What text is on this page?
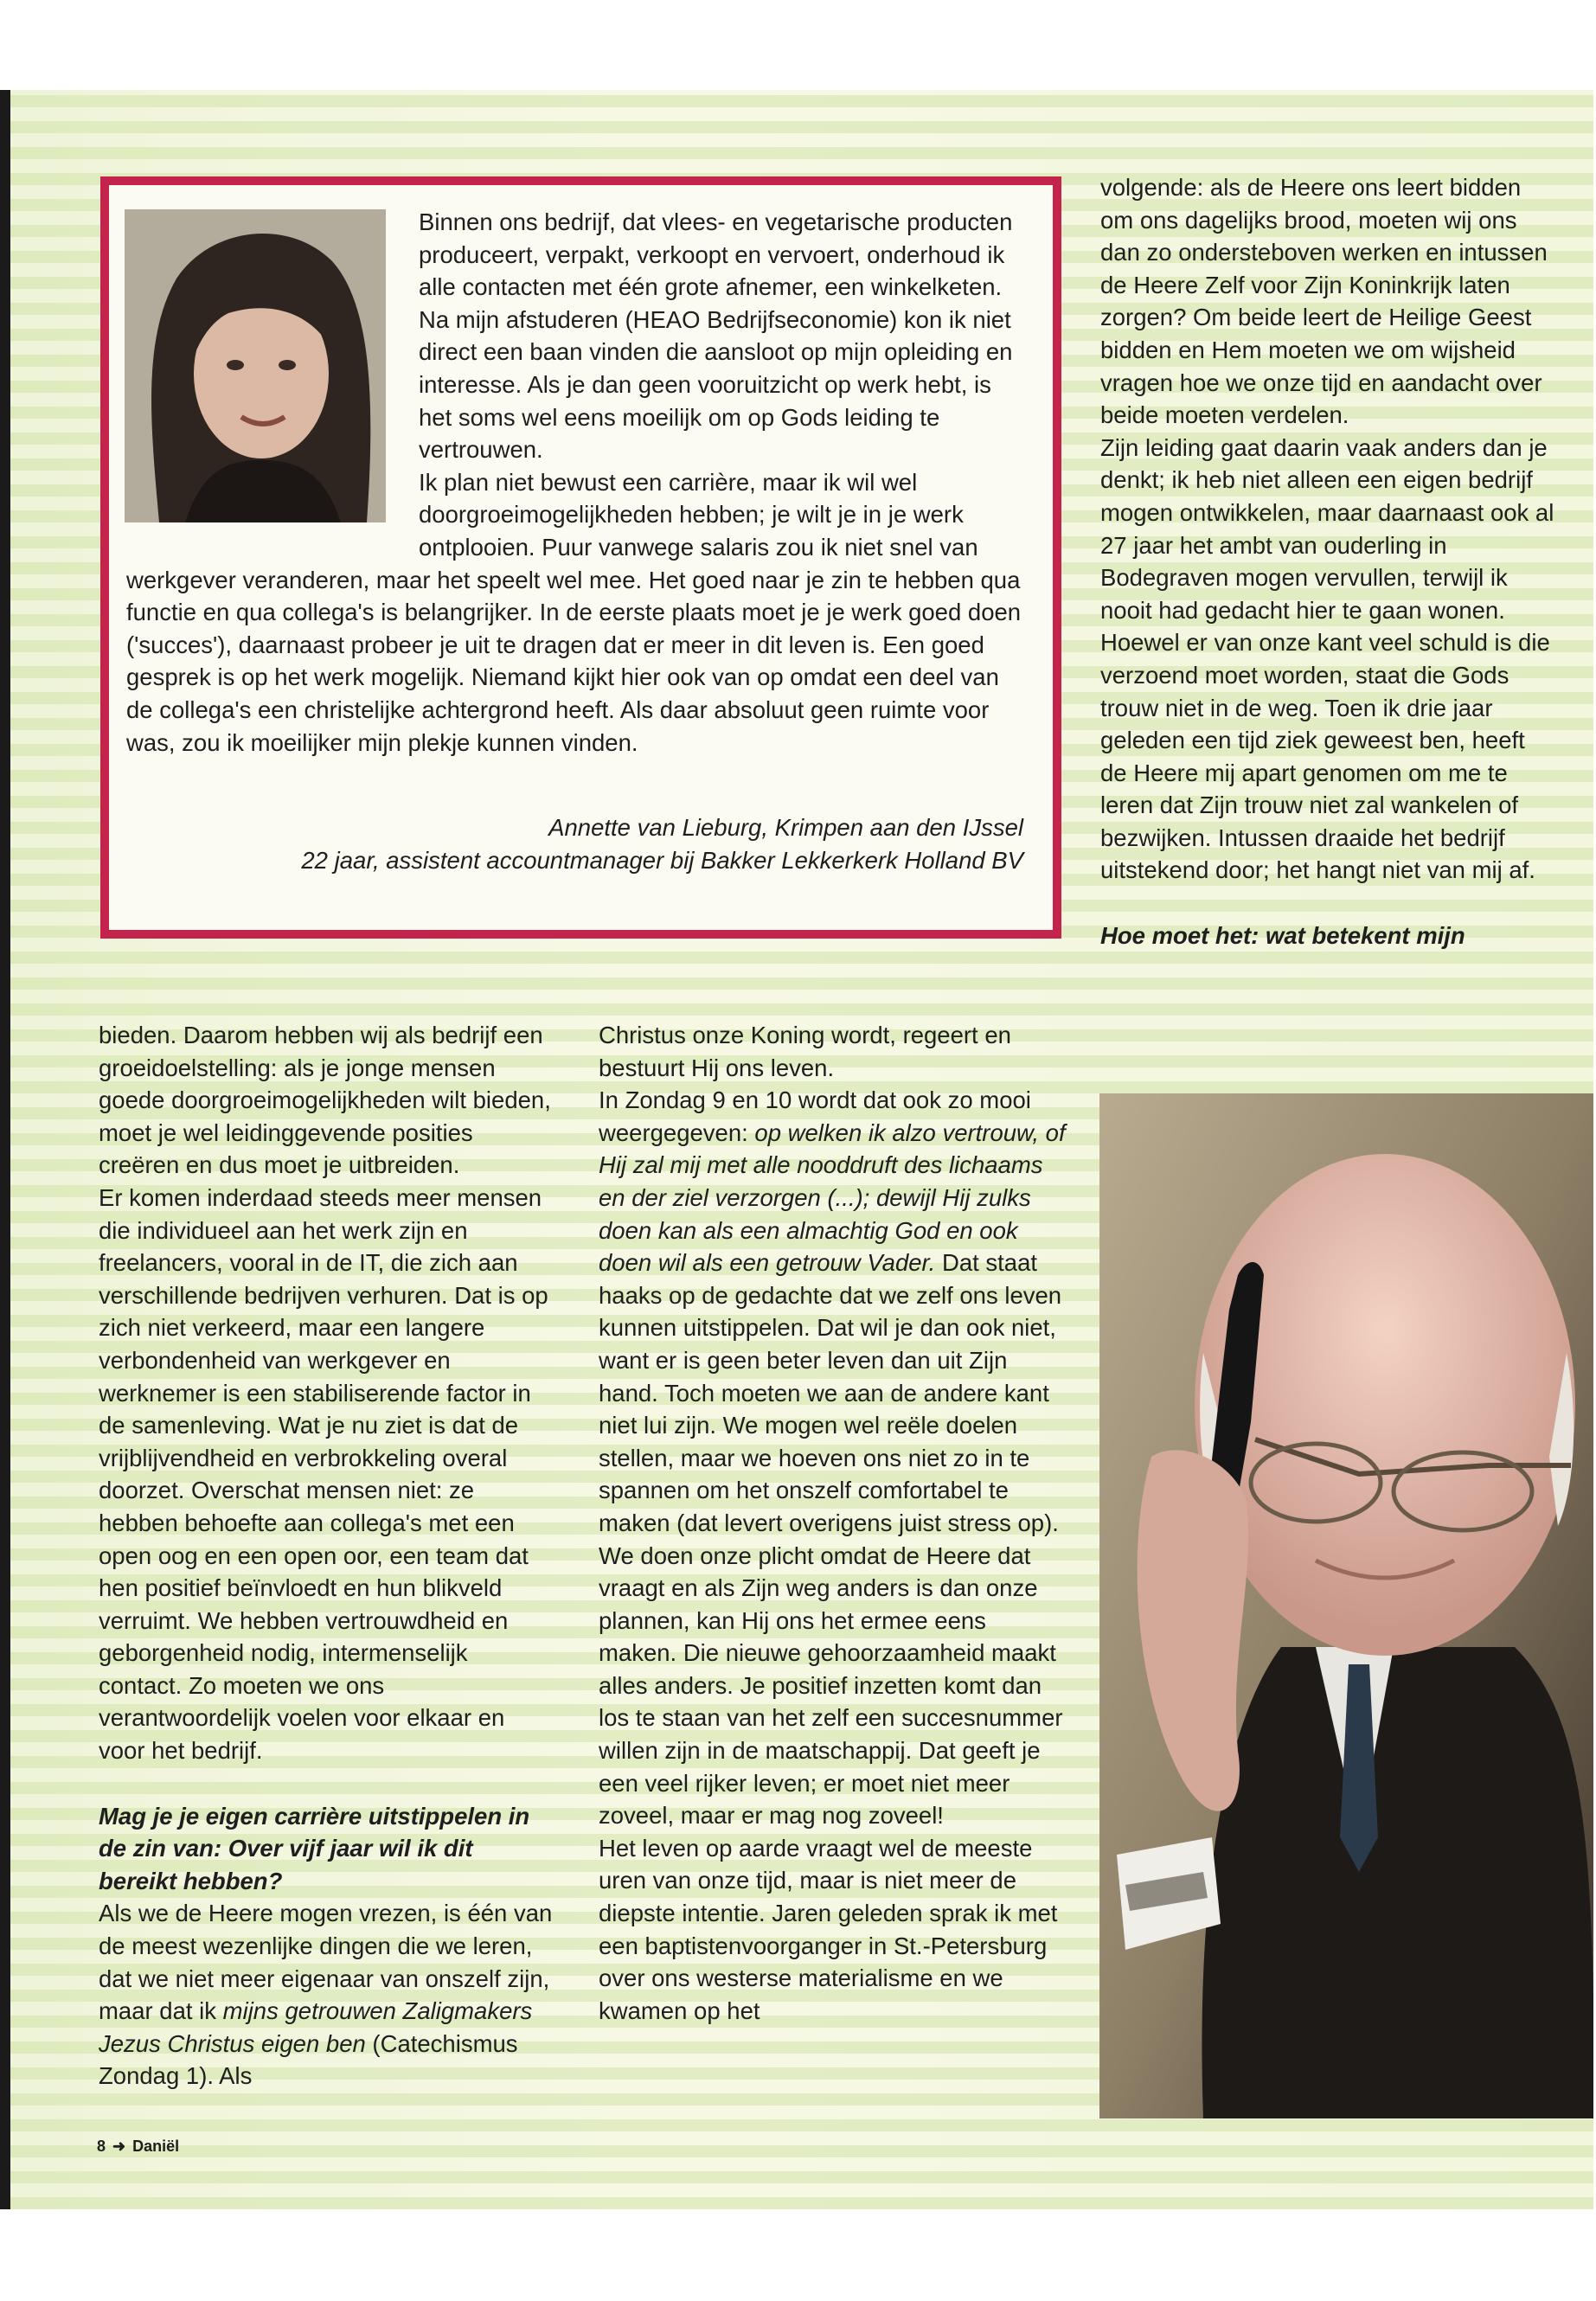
Binnen ons bedrijf, dat vlees- en vegetarische producten produceert, verpakt, verkoopt en vervoert, onderhoud ik alle contacten met één grote afnemer, een winkelketen. Na mijn afstuderen (HEAO Bedrijfseconomie) kon ik niet direct een baan vinden die aansloot op mijn opleiding en interesse. Als je dan geen vooruitzicht op werk hebt, is het soms wel eens moeilijk om op Gods leiding te vertrouwen.

Ik plan niet bewust een carrière, maar ik wil wel doorgroeimogelijkheden hebben; je wilt je in je werk ontplooien. Puur vanwege salaris zou ik niet snel van werkgever veranderen, maar het speelt wel mee. Het goed naar je zin te hebben qua functie en qua collega's is belangrijker. In de eerste plaats moet je je werk goed doen ('succes'), daarnaast probeer je uit te dragen dat er meer in dit leven is. Een goed gesprek is op het werk mogelijk. Niemand kijkt hier ook van op omdat een deel van de collega's een christelijke achtergrond heeft. Als daar absoluut geen ruimte voor was, zou ik moeilijker mijn plekje kunnen vinden.

Annette van Lieburg, Krimpen aan den IJssel
22 jaar, assistent accountmanager bij Bakker Lekkerkerk Holland BV

volgende: als de Heere ons leert bidden om ons dagelijks brood, moeten wij ons dan zo ondersteboven werken en intussen de Heere Zelf voor Zijn Koninkrijk laten zorgen? Om beide leert de Heilige Geest bidden en Hem moeten we om wijsheid vragen hoe we onze tijd en aandacht over beide moeten verdelen.

Zijn leiding gaat daarin vaak anders dan je denkt; ik heb niet alleen een eigen bedrijf mogen ontwikkelen, maar daarnaast ook al 27 jaar het ambt van ouderling in Bodegraven mogen vervullen, terwijl ik nooit had gedacht hier te gaan wonen. Hoewel er van onze kant veel schuld is die verzoend moet worden, staat die Gods trouw niet in de weg. Toen ik drie jaar geleden een tijd ziek geweest ben, heeft de Heere mij apart genomen om me te leren dat Zijn trouw niet zal wankelen of bezwijken. Intussen draaide het bedrijf uitstekend door; het hangt niet van mij af.

Hoe moet het: wat betekent mijn

bieden. Daarom hebben wij als bedrijf een groeidoelstelling: als je jonge mensen goede doorgroeimogelijkheden wilt bieden, moet je wel leidinggevende posities creëren en dus moet je uitbreiden.

Er komen inderdaad steeds meer mensen die individueel aan het werk zijn en freelancers, vooral in de IT, die zich aan verschillende bedrijven verhuren. Dat is op zich niet verkeerd, maar een langere verbondenheid van werkgever en werknemer is een stabiliserende factor in de samenleving. Wat je nu ziet is dat de vrijblijvendheid en verbrokkeling overal doorzet. Overschat mensen niet: ze hebben behoefte aan collega's met een open oog en een open oor, een team dat hen positief beïnvloedt en hun blikveld verruimt. We hebben vertrouwdheid en geborgenheid nodig, intermenselijk contact. Zo moeten we ons verantwoordelijk voelen voor elkaar en voor het bedrijf.

Mag je je eigen carrière uitstippelen in de zin van: Over vijf jaar wil ik dit bereikt hebben?

Als we de Heere mogen vrezen, is één van de meest wezenlijke dingen die we leren, dat we niet meer eigenaar van onszelf zijn, maar dat ik mijns getrouwen Zaligmakers Jezus Christus eigen ben (Catechismus Zondag 1). Als

Christus onze Koning wordt, regeert en bestuurt Hij ons leven.

In Zondag 9 en 10 wordt dat ook zo mooi weergegeven: op welken ik alzo vertrouw, of Hij zal mij met alle nooddruft des lichaams en der ziel verzorgen (...); dewijl Hij zulks doen kan als een almachtig God en ook doen wil als een getrouw Vader. Dat staat haaks op de gedachte dat we zelf ons leven kunnen uitstippelen. Dat wil je dan ook niet, want er is geen beter leven dan uit Zijn hand. Toch moeten we aan de andere kant niet lui zijn. We mogen wel reële doelen stellen, maar we hoeven ons niet zo in te spannen om het onszelf comfortabel te maken (dat levert overigens juist stress op). We doen onze plicht omdat de Heere dat vraagt en als Zijn weg anders is dan onze plannen, kan Hij ons het ermee eens maken. Die nieuwe gehoorzaamheid maakt alles anders. Je positief inzetten komt dan los te staan van het zelf een succesnummer willen zijn in de maatschappij. Dat geeft je een veel rijker leven; er moet niet meer zoveel, maar er mag nog zoveel!

Het leven op aarde vraagt wel de meeste uren van onze tijd, maar is niet meer de diepste intentie. Jaren geleden sprak ik met een baptistenvoorganger in St.-Petersburg over ons westerse materialisme en we kwamen op het

8 ➜ Daniël
